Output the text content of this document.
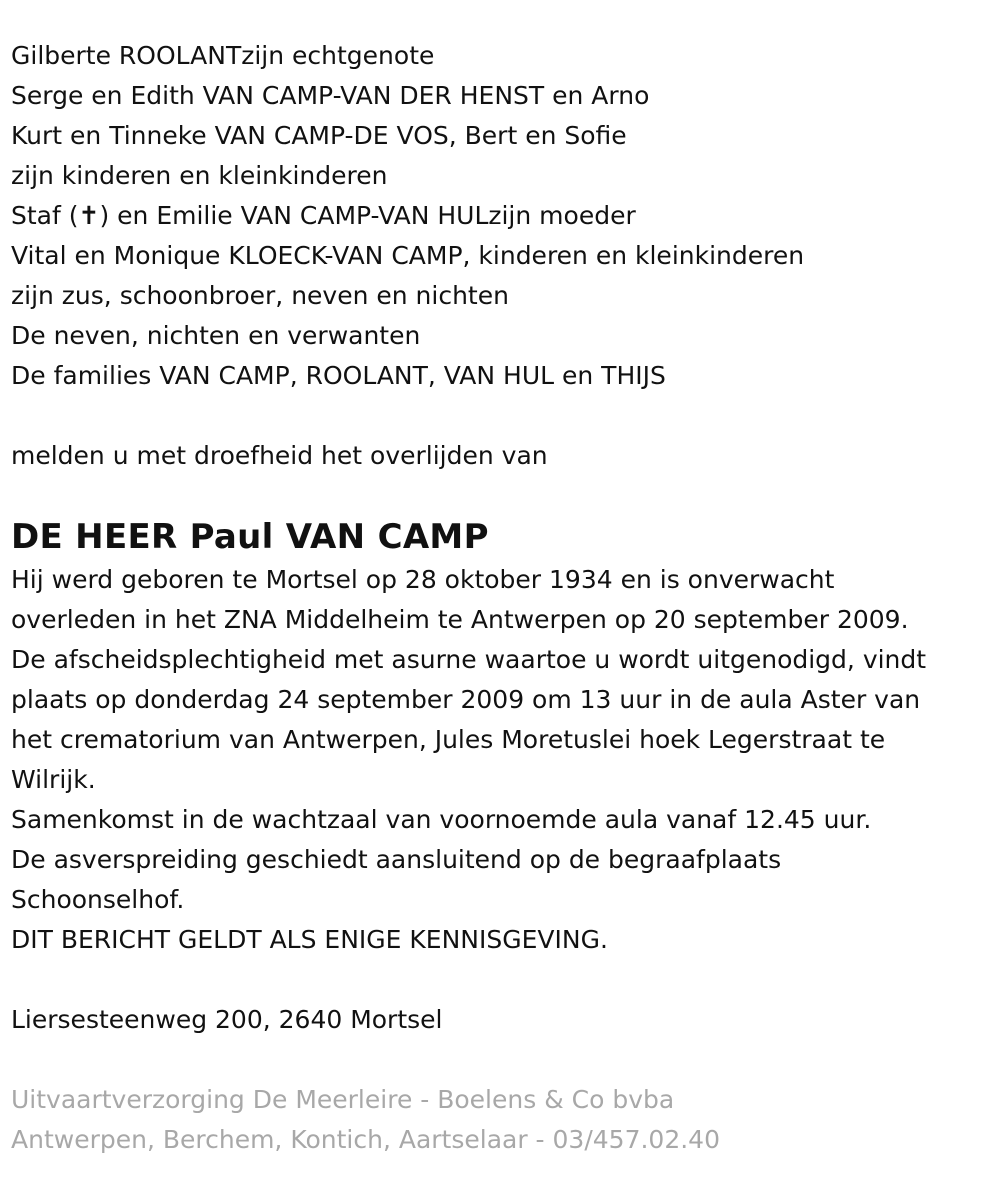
Gilberte ROOLANTzijn echtgenote
Serge en Edith VAN CAMP-VAN DER HENST en Arno
Kurt en Tinneke VAN CAMP-DE VOS, Bert en Sofie
zijn kinderen en kleinkinderen
Staf (✝) en Emilie VAN CAMP-VAN HULzijn moeder
Vital en Monique KLOECK-VAN CAMP, kinderen en kleinkinderen
zijn zus, schoonbroer, neven en nichten
De neven, nichten en verwanten
De families VAN CAMP, ROOLANT, VAN HUL en THIJS
melden u met droefheid het overlijden van
DE HEER Paul VAN CAMP
Hij werd geboren te Mortsel op 28 oktober 1934 en is onverwacht
overleden in het ZNA Middelheim te Antwerpen op 20 september 2009.
De afscheidsplechtigheid met asurne waartoe u wordt uitgenodigd, vindt
plaats op donderdag 24 september 2009 om 13 uur in de aula Aster van
het crematorium van Antwerpen, Jules Moretuslei hoek Legerstraat te
Wilrijk.
Samenkomst in de wachtzaal van voornoemde aula vanaf 12.45 uur.
De asverspreiding geschiedt aansluitend op de begraafplaats
Schoonselhof.
DIT BERICHT GELDT ALS ENIGE KENNISGEVING.
Liersesteenweg 200, 2640 Mortsel
Uitvaartverzorging De Meerleire - Boelens & Co bvba
Antwerpen, Berchem, Kontich, Aartselaar - 03/457.02.40
